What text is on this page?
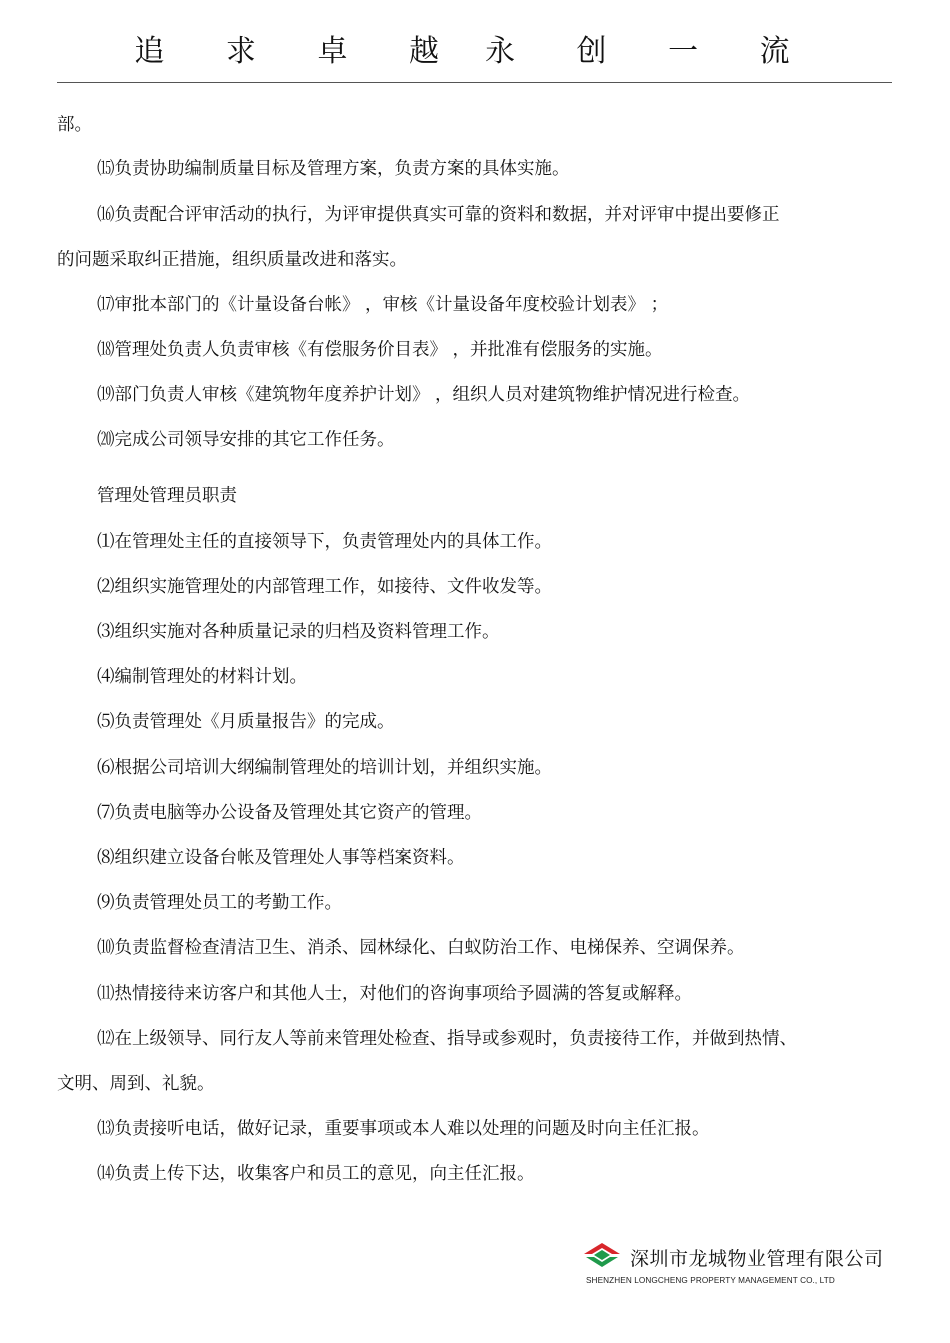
追 求 卓 越 永 创 一 流
部。
⒂负责协助编制质量目标及管理方案，负责方案的具体实施。
⒃负责配合评审活动的执行，为评审提供真实可靠的资料和数据，并对评审中提出要修正
的问题采取纠正措施，组织质量改进和落实。
⒄审批本部门的《计量设备台帐》 ，审核《计量设备年度校验计划表》 ；
⒅管理处负责人负责审核《有偿服务价目表》 ，并批准有偿服务的实施。
⒆部门负责人审核《建筑物年度养护计划》 ，组织人员对建筑物维护情况进行检查。
⒇完成公司领导安排的其它工作任务。
管理处管理员职责
⑴在管理处主任的直接领导下，负责管理处内的具体工作。
⑵组织实施管理处的内部管理工作，如接待、文件收发等。
⑶组织实施对各种质量记录的归档及资料管理工作。
⑷编制管理处的材料计划。
⑸负责管理处《月质量报告》的完成。
⑹根据公司培训大纲编制管理处的培训计划，并组织实施。
⑺负责电脑等办公设备及管理处其它资产的管理。
⑻组织建立设备台帐及管理处人事等档案资料。
⑼负责管理处员工的考勤工作。
⑽负责监督检查清洁卫生、消杀、园林绿化、白蚁防治工作、电梯保养、空调保养。
⑾热情接待来访客户和其他人士，对他们的咨询事项给予圆满的答复或解释。
⑿在上级领导、同行友人等前来管理处检查、指导或参观时，负责接待工作，并做到热情、
文明、周到、礼貌。
⒀负责接听电话，做好记录，重要事项或本人难以处理的问题及时向主任汇报。
⒁负责上传下达，收集客户和员工的意见，向主任汇报。
深圳市龙城物业管理有限公司
SHENZHEN LONGCHENG PROPERTY MANAGEMENT CO., LTD
